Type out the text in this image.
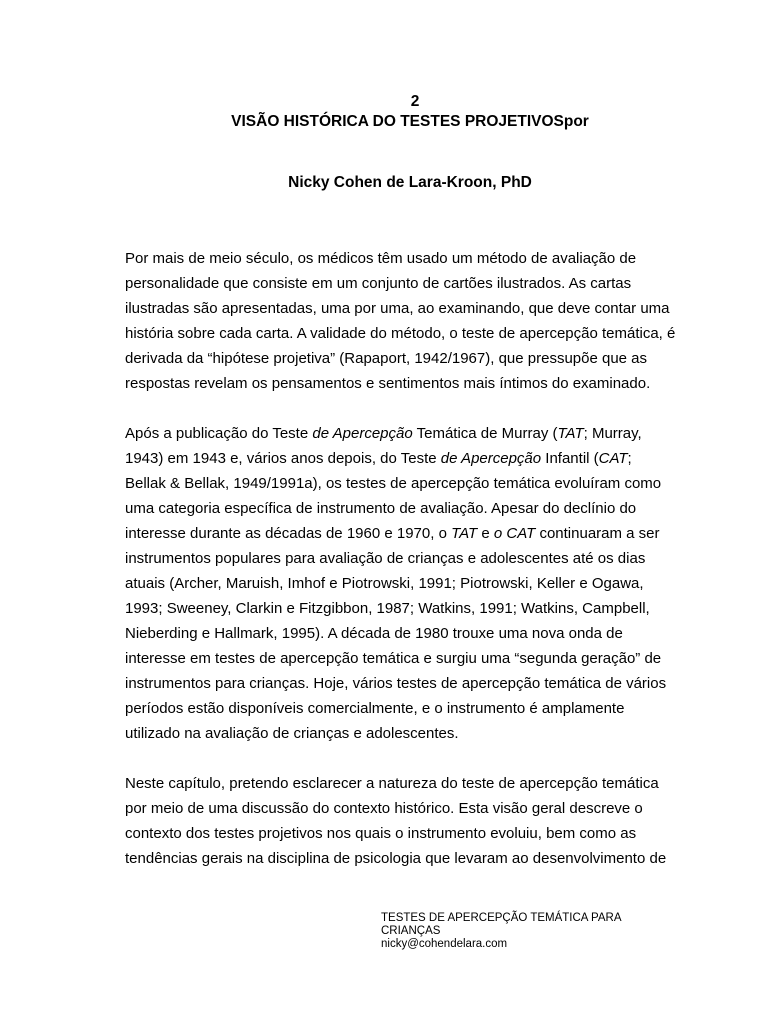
2
VISÃO HISTÓRICA DO TESTES PROJETIVOSpor
Nicky Cohen de Lara-Kroon, PhD

Por mais de meio século, os médicos têm usado um método de avaliação de
personalidade que consiste em um conjunto de cartões ilustrados. As cartas
ilustradas são apresentadas, uma por uma, ao examinando, que deve contar uma
história sobre cada carta. A validade do método, o teste de apercepção temática, é
derivada da “hipótese projetiva” (Rapaport, 1942/1967), que pressupõe que as
respostas revelam os pensamentos e sentimentos mais íntimos do examinado.

Após a publicação do Teste de Apercepção Temática de Murray (TAT; Murray,
1943) em 1943 e, vários anos depois, do Teste de Apercepção Infantil (CAT;
Bellak & Bellak, 1949/1991a), os testes de apercepção temática evoluíram como
uma categoria específica de instrumento de avaliação. Apesar do declínio do
interesse durante as décadas de 1960 e 1970, o TAT e o CAT continuaram a ser
instrumentos populares para avaliação de crianças e adolescentes até os dias
atuais (Archer, Maruish, Imhof e Piotrowski, 1991; Piotrowski, Keller e Ogawa,
1993; Sweeney, Clarkin e Fitzgibbon, 1987; Watkins, 1991; Watkins, Campbell,
Nieberding e Hallmark, 1995). A década de 1980 trouxe uma nova onda de
interesse em testes de apercepção temática e surgiu uma “segunda geração” de
instrumentos para crianças. Hoje, vários testes de apercepção temática de vários
períodos estão disponíveis comercialmente, e o instrumento é amplamente
utilizado na avaliação de crianças e adolescentes.

Neste capítulo, pretendo esclarecer a natureza do teste de apercepção temática
por meio de uma discussão do contexto histórico. Esta visão geral descreve o
contexto dos testes projetivos nos quais o instrumento evoluiu, bem como as
tendências gerais na disciplina de psicologia que levaram ao desenvolvimento de

TESTES DE APERCEPÇÃO TEMÁTICA PARA
CRIANÇAS
nicky@cohendelara.com
